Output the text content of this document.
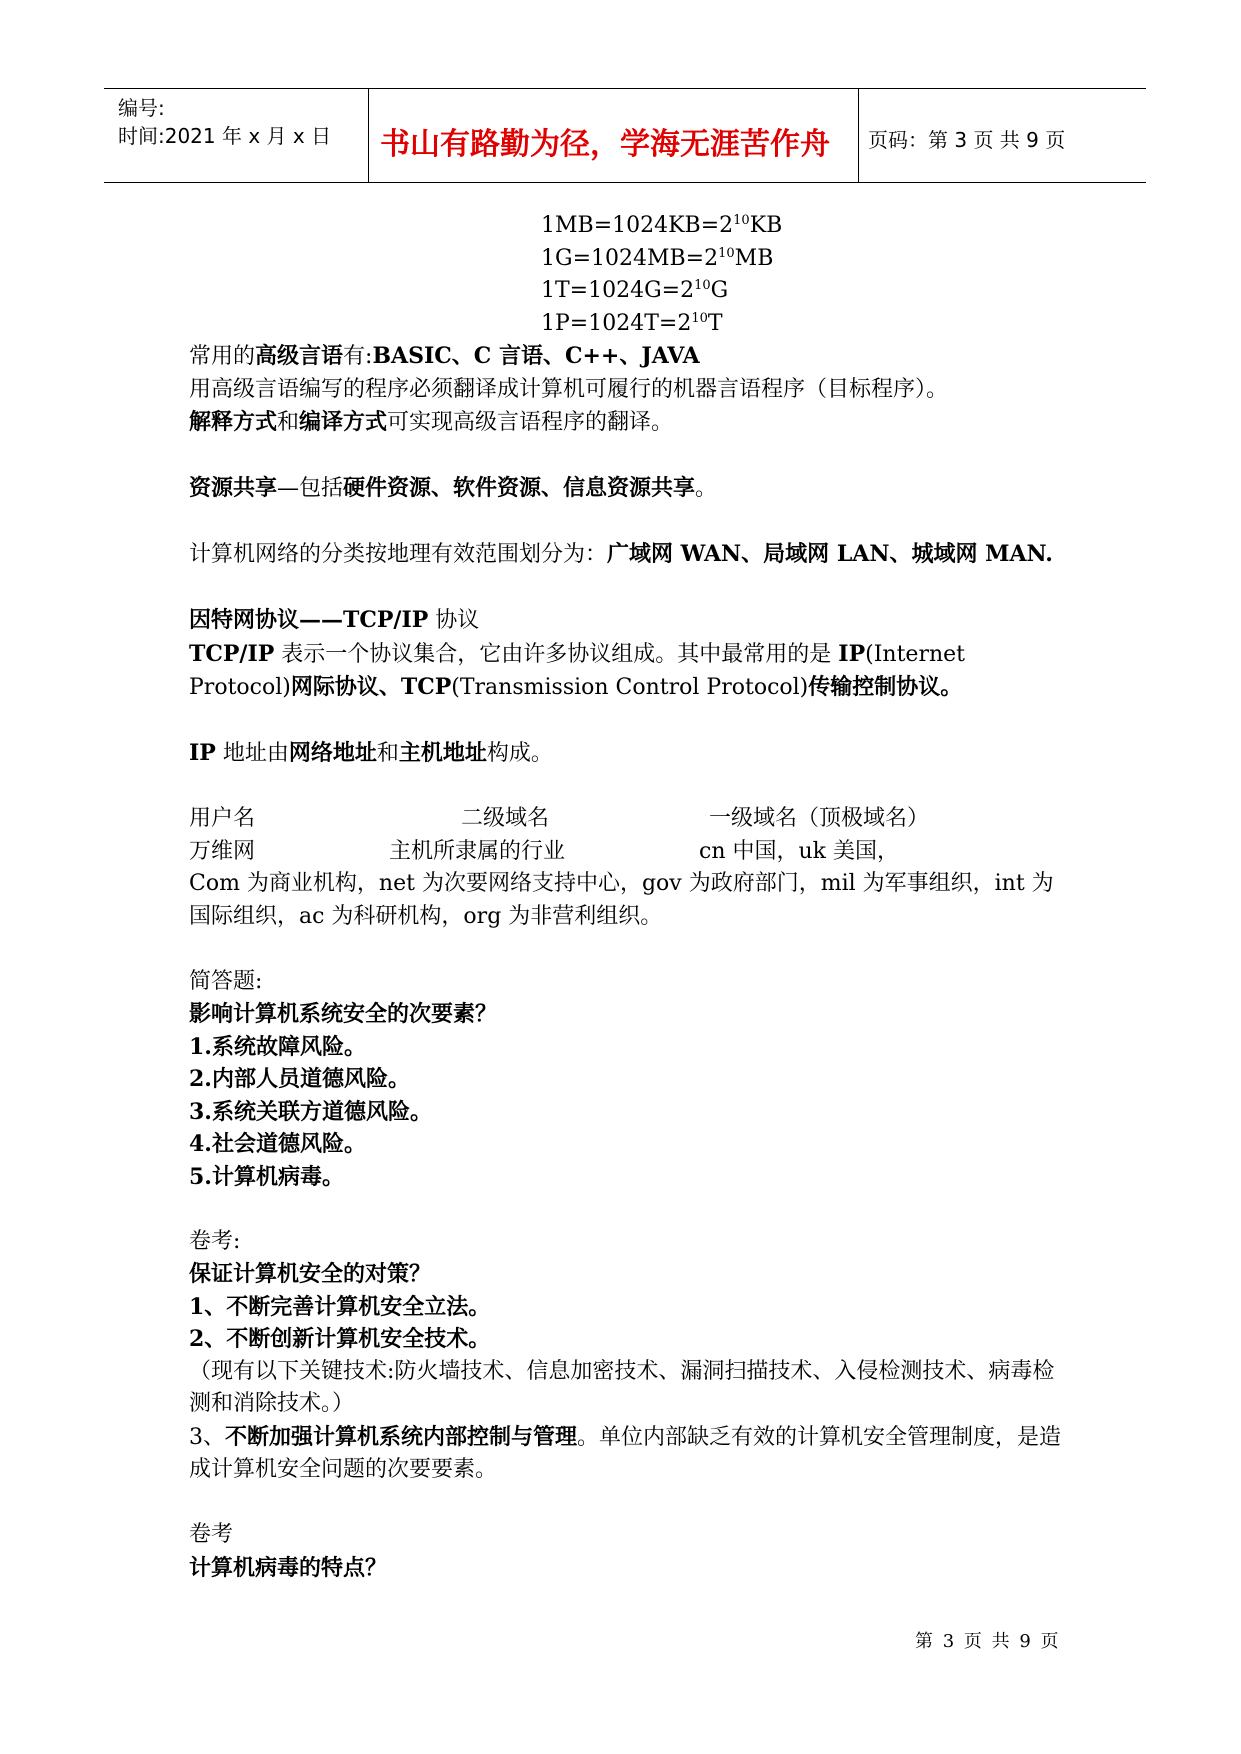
编号:
时间:2021 年 x 月 x 日	书山有路勤为径，学海无涯苦作舟	页码：第 3 页 共 9 页

$1MB=1024KB=2^{10}KB$

$1G=1024MB=2^{10}MB$

$1T=1024G=2^{10}G$

$1P=1024T=2^{10}T$

常用的高级言语有:BASIC、C 言语、C++、JAVA

用高级言语编写的程序必须翻译成计算机可履行的机器言语程序（目标程序）。

解释方式和编译方式可实现高级言语程序的翻译。

资源共享—包括硬件资源、软件资源、信息资源共享。

计算机网络的分类按地理有效范围划分为：广域网 WAN、局域网 LAN、城域网 MAN.

因特网协议——TCP/IP 协议

TCP/IP 表示一个协议集合，它由许多协议组成。其中最常用的是 IP(Internet Protocol)网际协议、TCP(Transmission Control Protocol)传输控制协议。

IP 地址由网络地址和主机地址构成。

用户名	二级域名	一级域名（顶极域名）

万维网	主机所隶属的行业	cn 中国，uk 美国，

Com 为商业机构，net 为次要网络支持中心，gov 为政府部门，mil 为军事组织，int 为国际组织，ac 为科研机构，org 为非营利组织。

简答题:

影响计算机系统安全的次要素？

1.系统故障风险。

2.内部人员道德风险。

3.系统关联方道德风险。

4.社会道德风险。

5.计算机病毒。

卷考:

保证计算机安全的对策？

1、不断完善计算机安全立法。

2、不断创新计算机安全技术。

（现有以下关键技术:防火墙技术、信息加密技术、漏洞扫描技术、入侵检测技术、病毒检测和消除技术。）

3、不断加强计算机系统内部控制与管理。单位内部缺乏有效的计算机安全管理制度，是造成计算机安全问题的次要要素。

卷考

计算机病毒的特点？

第 3 页 共 9 页
